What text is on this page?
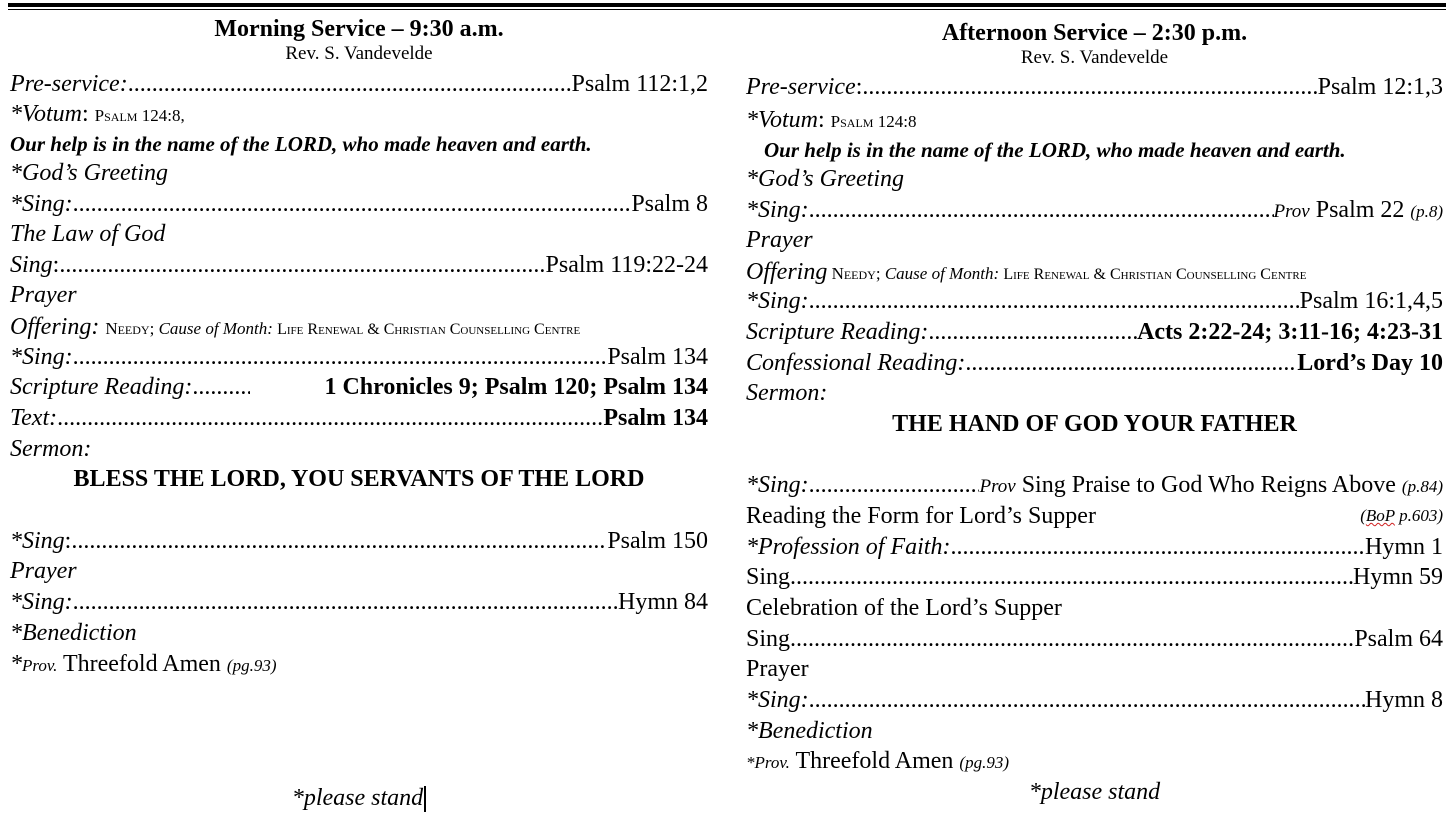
Morning Service – 9:30 a.m.
Rev. S. Vandevelde
Pre-service: .....	Psalm 112:1,2
*Votum: Psalm 124:8,
Our help is in the name of the LORD, who made heaven and earth.
*God’s Greeting
*Sing: .....	Psalm 8
The Law of God
Sing: .....	Psalm 119:22-24
Prayer
Offering: Needy; Cause of Month: Life Renewal & Christian Counselling Centre
*Sing: .....	Psalm 134
Scripture Reading: .....	1 Chronicles 9; Psalm 120; Psalm 134
Text: .....	Psalm 134
Sermon:
BLESS THE LORD, YOU SERVANTS OF THE LORD
*Sing: .....	Psalm 150
Prayer
*Sing: .....	Hymn 84
*Benediction
*Prov. Threefold Amen (pg.93)
*please stand
Afternoon Service – 2:30 p.m.
Rev. S. Vandevelde
Pre-service: .....	Psalm 12:1,3
*Votum: Psalm 124:8
Our help is in the name of the LORD, who made heaven and earth.
*God’s Greeting
*Sing: .....	Prov Psalm 22 (p.8)
Prayer
Offering Needy; Cause of Month: Life Renewal & Christian Counselling Centre
*Sing: .....	Psalm 16:1,4,5
Scripture Reading: .....	Acts 2:22-24; 3:11-16; 4:23-31
Confessional Reading: .....	Lord’s Day 10
Sermon:
THE HAND OF GOD YOUR FATHER
*Sing: .....	Prov Sing Praise to God Who Reigns Above (p.84)
Reading the Form for Lord’s Supper	(BoP p.603)
*Profession of Faith: .....	Hymn 1
Sing .....	Hymn 59
Celebration of the Lord’s Supper
Sing .....	Psalm 64
Prayer
*Sing: .....	Hymn 8
*Benediction
*Prov. Threefold Amen (pg.93)
*please stand
